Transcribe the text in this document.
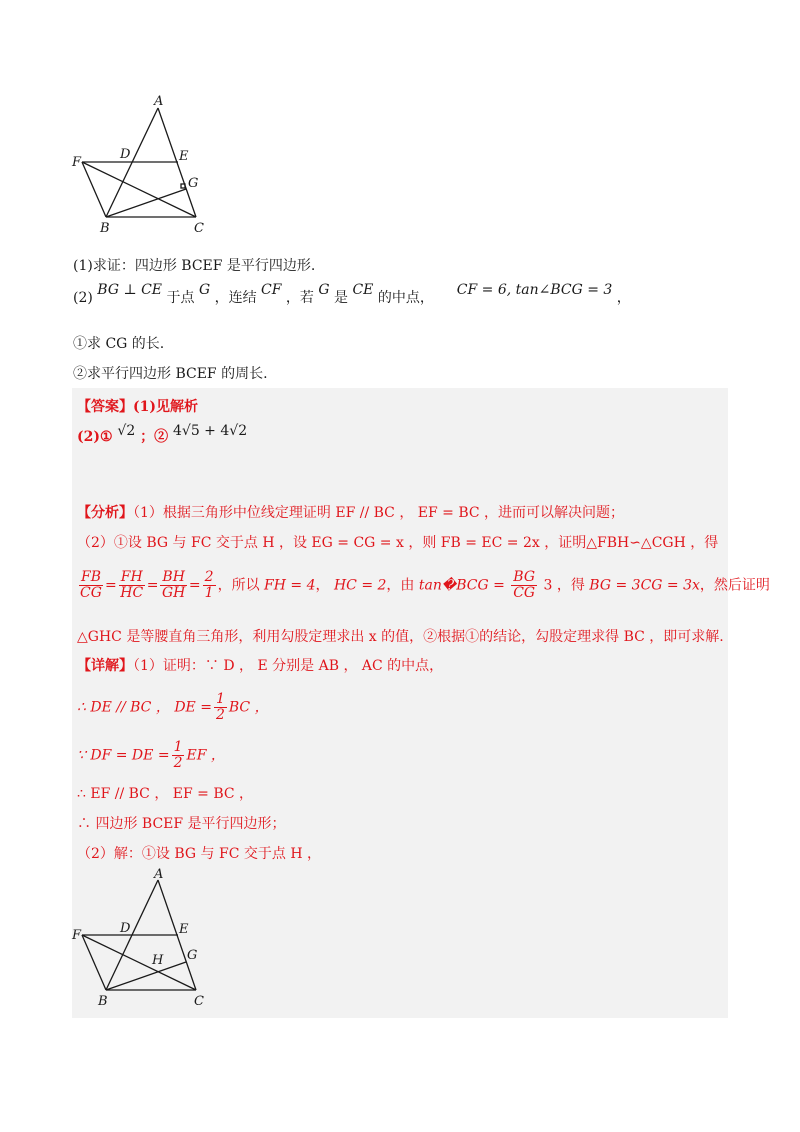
A
D	E
F
G
B	C
(1)求证：四边形 BCEF 是平行四边形.
(2) BG ⊥ CE 于点 G ，连结 CF ，若 G 是 CE 的中点， CF = 6, tan∠BCG = 3 ，
①求 CG 的长.
②求平行四边形 BCEF 的周长.
【答案】(1)见解析
(2)① √2 ；② 4√5 + 4√2
【分析】（1）根据三角形中位线定理证明 EF // BC ， EF = BC ，进而可以解决问题；
（2）①设 BG 与 FC 交于点 H ，设 EG = CG = x ，则 FB = EC = 2x ，证明△FBH∽△CGH ，得
$\frac{FB}{CG} = \frac{FH}{HC} = \frac{BH}{GH} = \frac{2}{1}$ ，所以 FH = 4， HC = 2，由 tan�BCG = $\frac{BG}{CG} 3$ ，得 BG = 3CG = 3x，然后证明
△GHC 是等腰直角三角形，利用勾股定理求出 x 的值，②根据①的结论，勾股定理求得 BC ，即可求解.
【详解】（1）证明：∵ D ， E 分别是 AB ， AC 的中点，
∴ DE // BC ， DE = $\frac{1}{2}$ BC ，
∵ DF = DE = $\frac{1}{2}$ EF ，
∴ EF // BC ， EF = BC ，
∴ 四边形 BCEF 是平行四边形；
（2）解：①设 BG 与 FC 交于点 H ，
A
D	E
F
G
H
B	C
